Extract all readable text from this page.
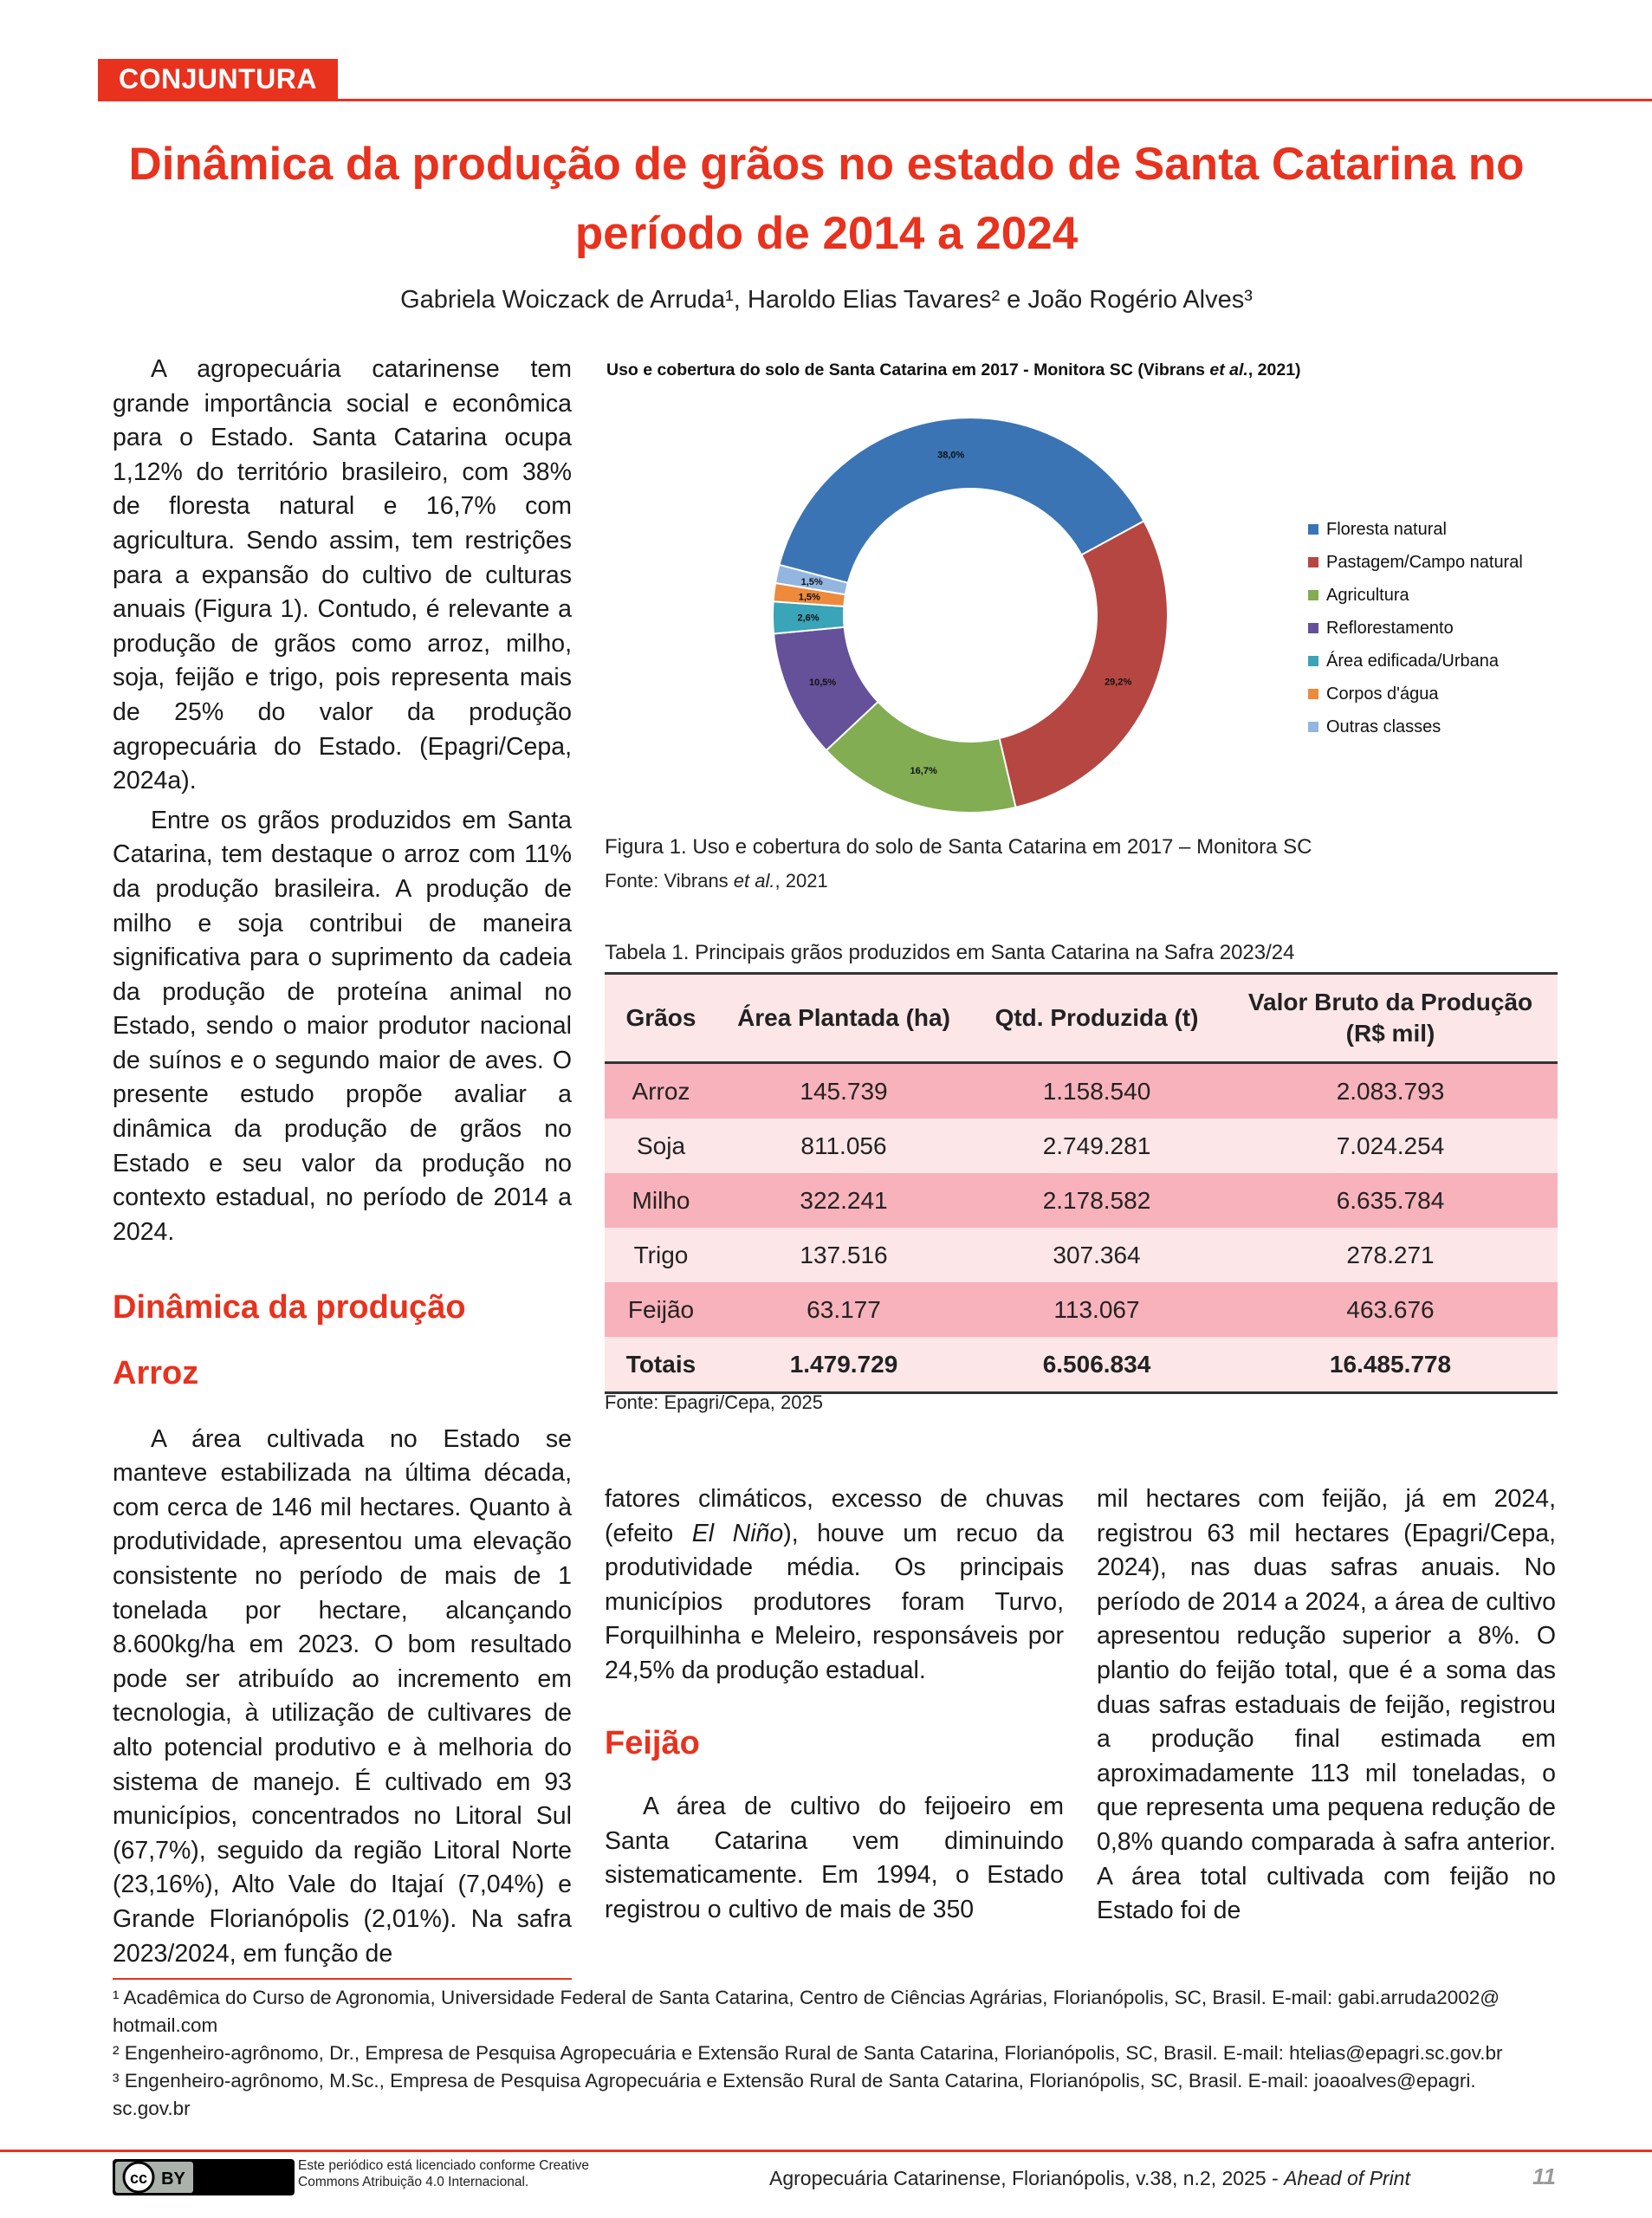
CONJUNTURA
Dinâmica da produção de grãos no estado de Santa Catarina no
período de 2014 a 2024
Gabriela Woiczack de Arruda¹, Haroldo Elias Tavares² e João Rogério Alves³

A agropecuária catarinense tem grande importância social e econômica para o Estado. Santa Catarina ocupa 1,12% do território brasileiro, com 38% de floresta natural e 16,7% com agricultura. Sendo assim, tem restrições para a expansão do cultivo de culturas anuais (Figura 1). Contudo, é relevante a produção de grãos como arroz, milho, soja, feijão e trigo, pois representa mais de 25% do valor da produção agropecuária do Estado. (Epagri/Cepa, 2024a).

Entre os grãos produzidos em Santa Catarina, tem destaque o arroz com 11% da produção brasileira. A produção de milho e soja contribui de maneira significativa para o suprimento da cadeia da produção de proteína animal no Estado, sendo o maior produtor nacional de suínos e o segundo maior de aves. O presente estudo propõe avaliar a dinâmica da produção de grãos no Estado e seu valor da produção no contexto estadual, no período de 2014 a 2024.

Dinâmica da produção
Arroz

A área cultivada no Estado se manteve estabilizada na última década, com cerca de 146 mil hectares. Quanto à produtividade, apresentou uma elevação consistente no período de mais de 1 tonelada por hectare, alcançando 8.600kg/ha em 2023. O bom resultado pode ser atribuído ao incremento em tecnologia, à utilização de cultivares de alto potencial produtivo e à melhoria do sistema de manejo. É cultivado em 93 municípios, concentrados no Litoral Sul (67,7%), seguido da região Litoral Norte (23,16%), Alto Vale do Itajaí (7,04%) e Grande Florianópolis (2,01%). Na safra 2023/2024, em função de

Uso e cobertura do solo de Santa Catarina em 2017 - Monitora SC (Vibrans et al., 2021)
38,0%
29,2%
16,7%
10,5%
2,6%
1,5%
1,5%
Floresta natural
Pastagem/Campo natural
Agricultura
Reflorestamento
Área edificada/Urbana
Corpos d'água
Outras classes
Figura 1. Uso e cobertura do solo de Santa Catarina em 2017 – Monitora SC
Fonte: Vibrans et al., 2021
Tabela 1. Principais grãos produzidos em Santa Catarina na Safra 2023/24
Grãos	Área Plantada (ha)	Qtd. Produzida (t)	Valor Bruto da Produção
(R$ mil)
Arroz	145.739	1.158.540	2.083.793
Soja	811.056	2.749.281	7.024.254
Milho	322.241	2.178.582	6.635.784
Trigo	137.516	307.364	278.271
Feijão	63.177	113.067	463.676
Totais	1.479.729	6.506.834	16.485.778
Fonte: Epagri/Cepa, 2025

fatores climáticos, excesso de chuvas (efeito El Niño), houve um recuo da produtividade média. Os principais municípios produtores foram Turvo, Forquilhinha e Meleiro, responsáveis por 24,5% da produção estadual.

Feijão

A área de cultivo do feijoeiro em Santa Catarina vem diminuindo sistematicamente. Em 1994, o Estado registrou o cultivo de mais de 350

mil hectares com feijão, já em 2024, registrou 63 mil hectares (Epagri/Cepa, 2024), nas duas safras anuais. No período de 2014 a 2024, a área de cultivo apresentou redução superior a 8%. O plantio do feijão total, que é a soma das duas safras estaduais de feijão, registrou a produção final estimada em aproximadamente 113 mil toneladas, o que representa uma pequena redução de 0,8% quando comparada à safra anterior. A área total cultivada com feijão no Estado foi de

¹ Acadêmica do Curso de Agronomia, Universidade Federal de Santa Catarina, Centro de Ciências Agrárias, Florianópolis, SC, Brasil. E-mail: gabi.arruda2002@ hotmail.com

² Engenheiro-agrônomo, Dr., Empresa de Pesquisa Agropecuária e Extensão Rural de Santa Catarina, Florianópolis, SC, Brasil. E-mail: htelias@epagri.sc.gov.br

³ Engenheiro-agrônomo, M.Sc., Empresa de Pesquisa Agropecuária e Extensão Rural de Santa Catarina, Florianópolis, SC, Brasil. E-mail: joaoalves@epagri. sc.gov.br

cc BY
Este periódico está licenciado conforme Creative
Commons Atribuição 4.0 Internacional.	Agropecuária Catarinense, Florianópolis, v.38, n.2, 2025 - Ahead of Print	11
